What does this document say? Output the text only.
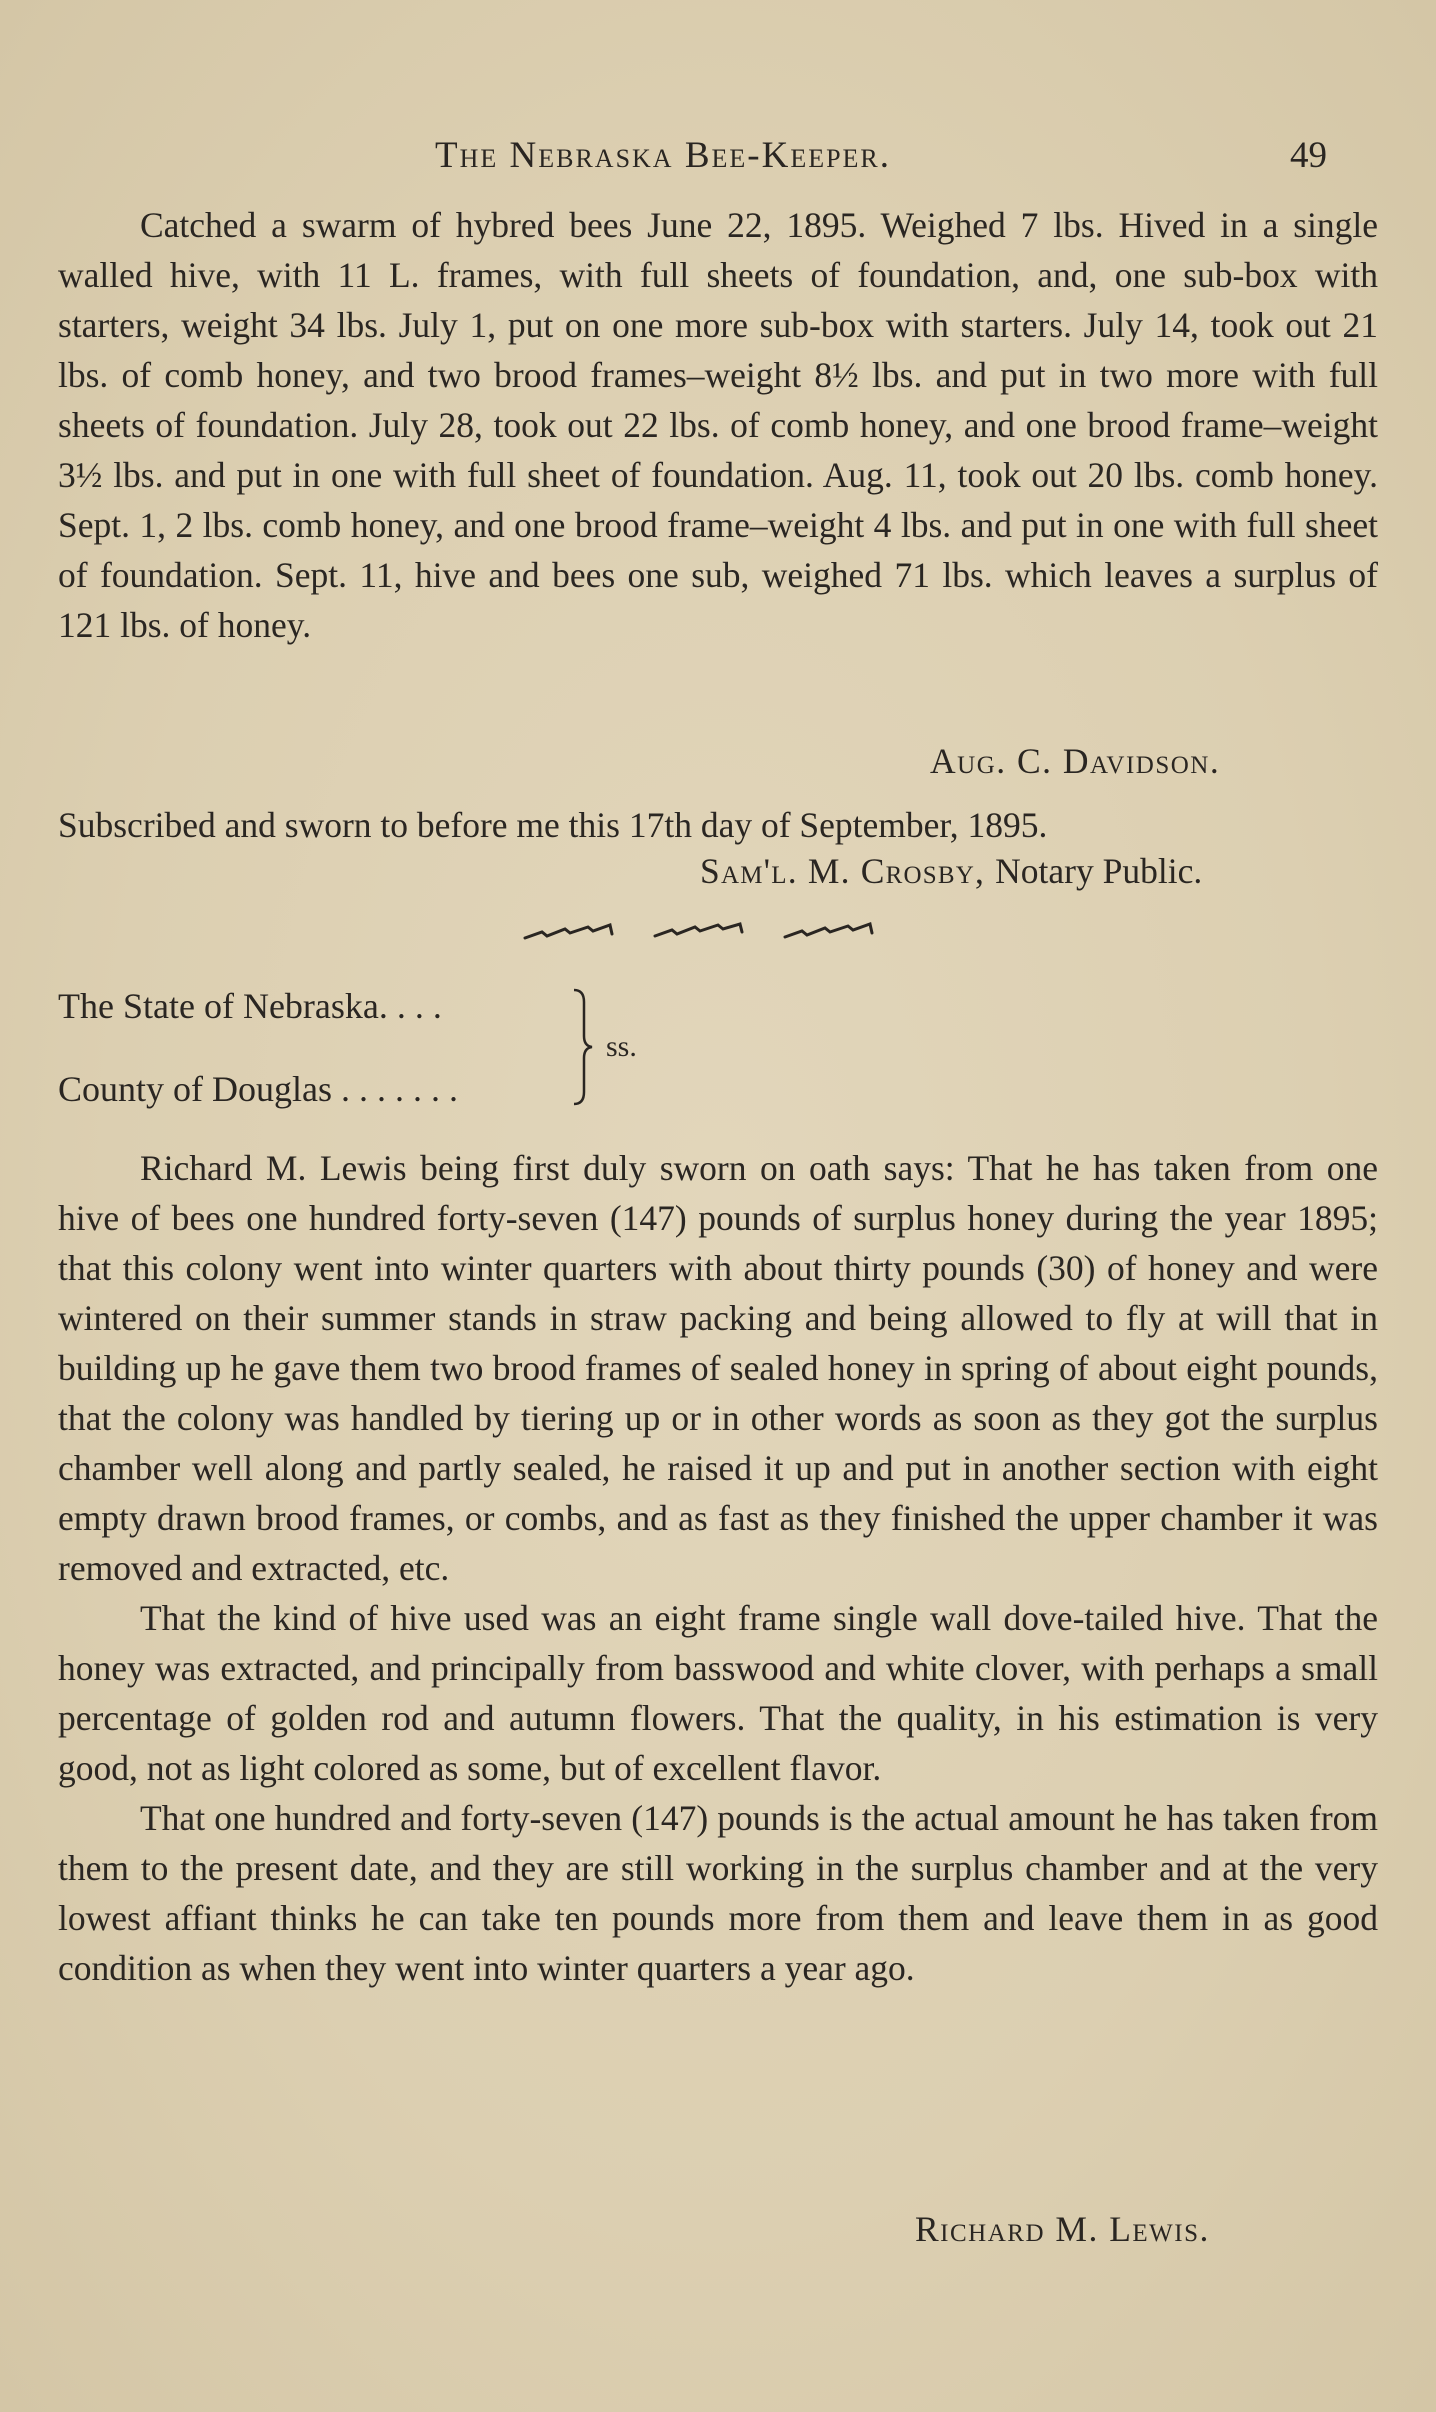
The Nebraska Bee-Keeper.	49

Catched a swarm of hybred bees June 22, 1895. Weighed 7 lbs. Hived in a single walled hive, with 11 L. frames, with full sheets of foundation, and, one sub-box with starters, weight 34 lbs. July 1, put on one more sub-box with starters. July 14, took out 21 lbs. of comb honey, and two brood frames–weight 8½ lbs. and put in two more with full sheets of foundation. July 28, took out 22 lbs. of comb honey, and one brood frame–weight 3½ lbs. and put in one with full sheet of foundation. Aug. 11, took out 20 lbs. comb honey. Sept. 1, 2 lbs. comb honey, and one brood frame–weight 4 lbs. and put in one with full sheet of foundation. Sept. 11, hive and bees one sub, weighed 71 lbs. which leaves a surplus of 121 lbs. of honey.

Aug. C. Davidson.

Subscribed and sworn to before me this 17th day of September, 1895.

Sam'l. M. Crosby, Notary Public.
The State of Nebraska. . . .
County of Douglas . . . . . . .
ss.

Richard M. Lewis being first duly sworn on oath says: That he has taken from one hive of bees one hundred forty-seven (147) pounds of surplus honey during the year 1895; that this colony went into winter quarters with about thirty pounds (30) of honey and were wintered on their summer stands in straw packing and being allowed to fly at will that in building up he gave them two brood frames of sealed honey in spring of about eight pounds, that the colony was handled by tiering up or in other words as soon as they got the surplus chamber well along and partly sealed, he raised it up and put in another section with eight empty drawn brood frames, or combs, and as fast as they finished the upper chamber it was removed and extracted, etc.

That the kind of hive used was an eight frame single wall dove-tailed hive. That the honey was extracted, and principally from basswood and white clover, with perhaps a small percentage of golden rod and autumn flowers. That the quality, in his estimation is very good, not as light colored as some, but of excellent flavor.

That one hundred and forty-seven (147) pounds is the actual amount he has taken from them to the present date, and they are still working in the surplus chamber and at the very lowest affiant thinks he can take ten pounds more from them and leave them in as good condition as when they went into winter quarters a year ago.

Richard M. Lewis.
